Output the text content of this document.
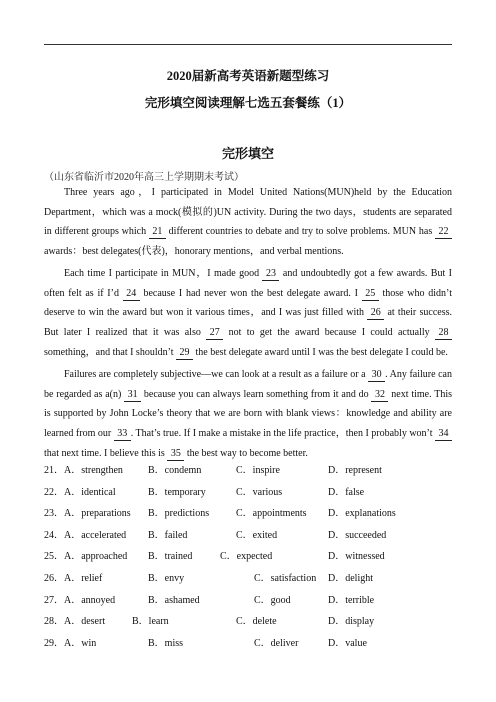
2020届新高考英语新题型练习
完形填空阅读理解七选五套餐练（1）
完形填空

（山东省临沂市2020年高三上学期期末考试）

Three years ago，I participated in Model United Nations(MUN)held by the Education Department，which was a mock(模拟的)UN activity. During the two days，students are separated in different groups which  21  different countries to debate and try to solve problems. MUN has  22  awards：best delegates(代表)，honorary mentions，and verbal mentions.

Each time I participate in MUN，I made good  23  and undoubtedly got a few awards. But I often felt as if I’d  24  because I had never won the best delegate award. I  25  those who didn’t deserve to win the award but won it various times，and I was just filled with  26  at their success. But later I realized that it was also  27  not to get the award because I could actually  28  something，and that I shouldn’t  29  the best delegate award until I was the best delegate I could be.

Failures are completely subjective—we can look at a result as a failure or a  30 . Any failure can be regarded as a(n)  31  because you can always learn something from it and do  32  next time. This is supported by John Locke’s theory that we are born with blank views：knowledge and ability are learned from our  33 . That’s true. If I make a mistake in the life practice，then I probably won’t  34  that next time. I believe this is  35  the best way to become better.

21． A．strengthen	B．condemn	C．inspire	D．represent
22． A．identical	B．temporary	C．various	D．false
23． A．preparations B．predictions	C．appointments D．explanations
24． A．accelerated B．failed	C．exited	D．succeeded
25． A．approached B．trained	C．expected	D．witnessed
26． A．relief	B．envy	C．satisfaction D．delight
27． A．annoyed	B．ashamed	C．good	D．terrible
28． A．desert	B．learn	C．delete	D．display
29． A．win	B．miss	C．deliver	D．value
